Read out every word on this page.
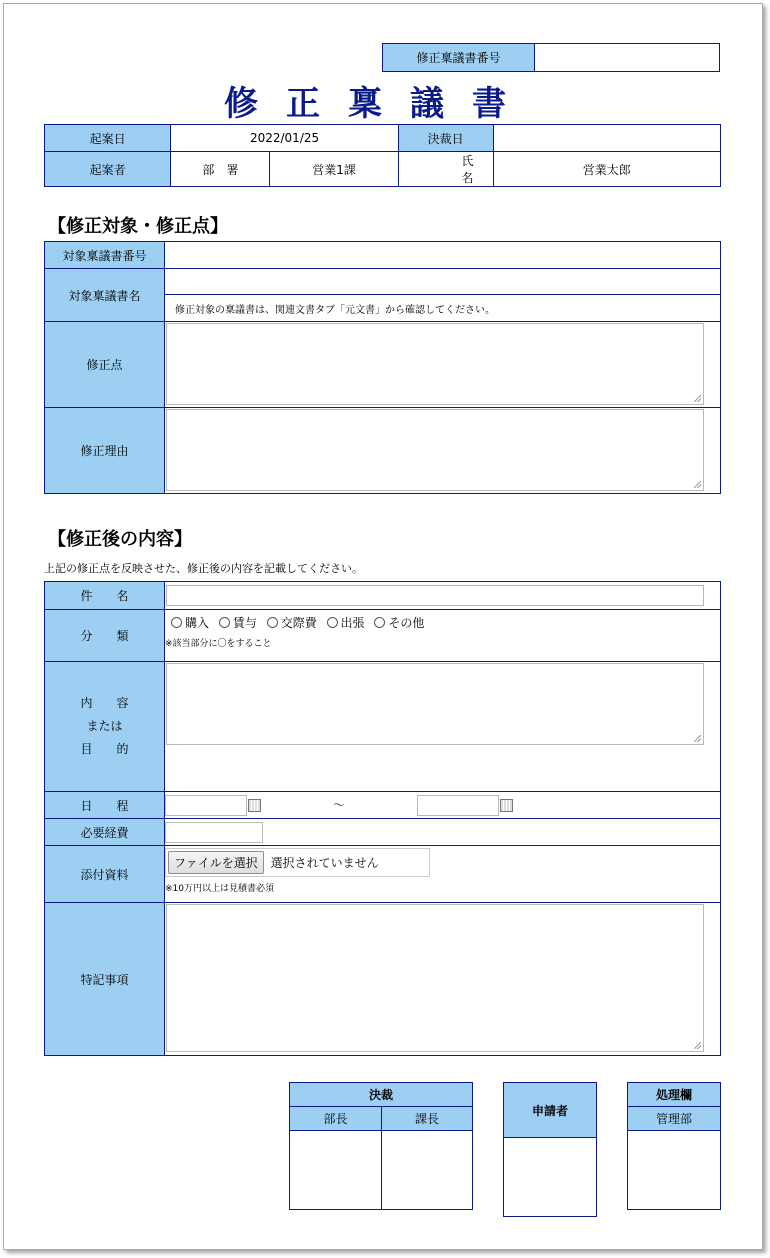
修正稟議書番号	
修正稟議書
起案日	2022/01/25		決裁日		
起案者	部　署	営業1課		氏　名	営業太郎
【修正対象・修正点】
対象稟議書番号	
対象稟議書名	
	修正対象の稟議書は、関連文書タブ「元文書」から確認してください。
修正点	

修正理由	
【修正後の内容】
上記の修正点を反映させた、修正後の内容を記載してください。
件　　名	
分　　類	購入 賃与 交際費 出張 その他
※該当部分に〇をすること

内　　容
または
目　　的	

日　　程	～
必要経費	
添付資料	ファイルを選択 選択されていません
※10万円以上は見積書必須

特記事項	
決裁	
部長	課長

申請者

処理欄
管理部
